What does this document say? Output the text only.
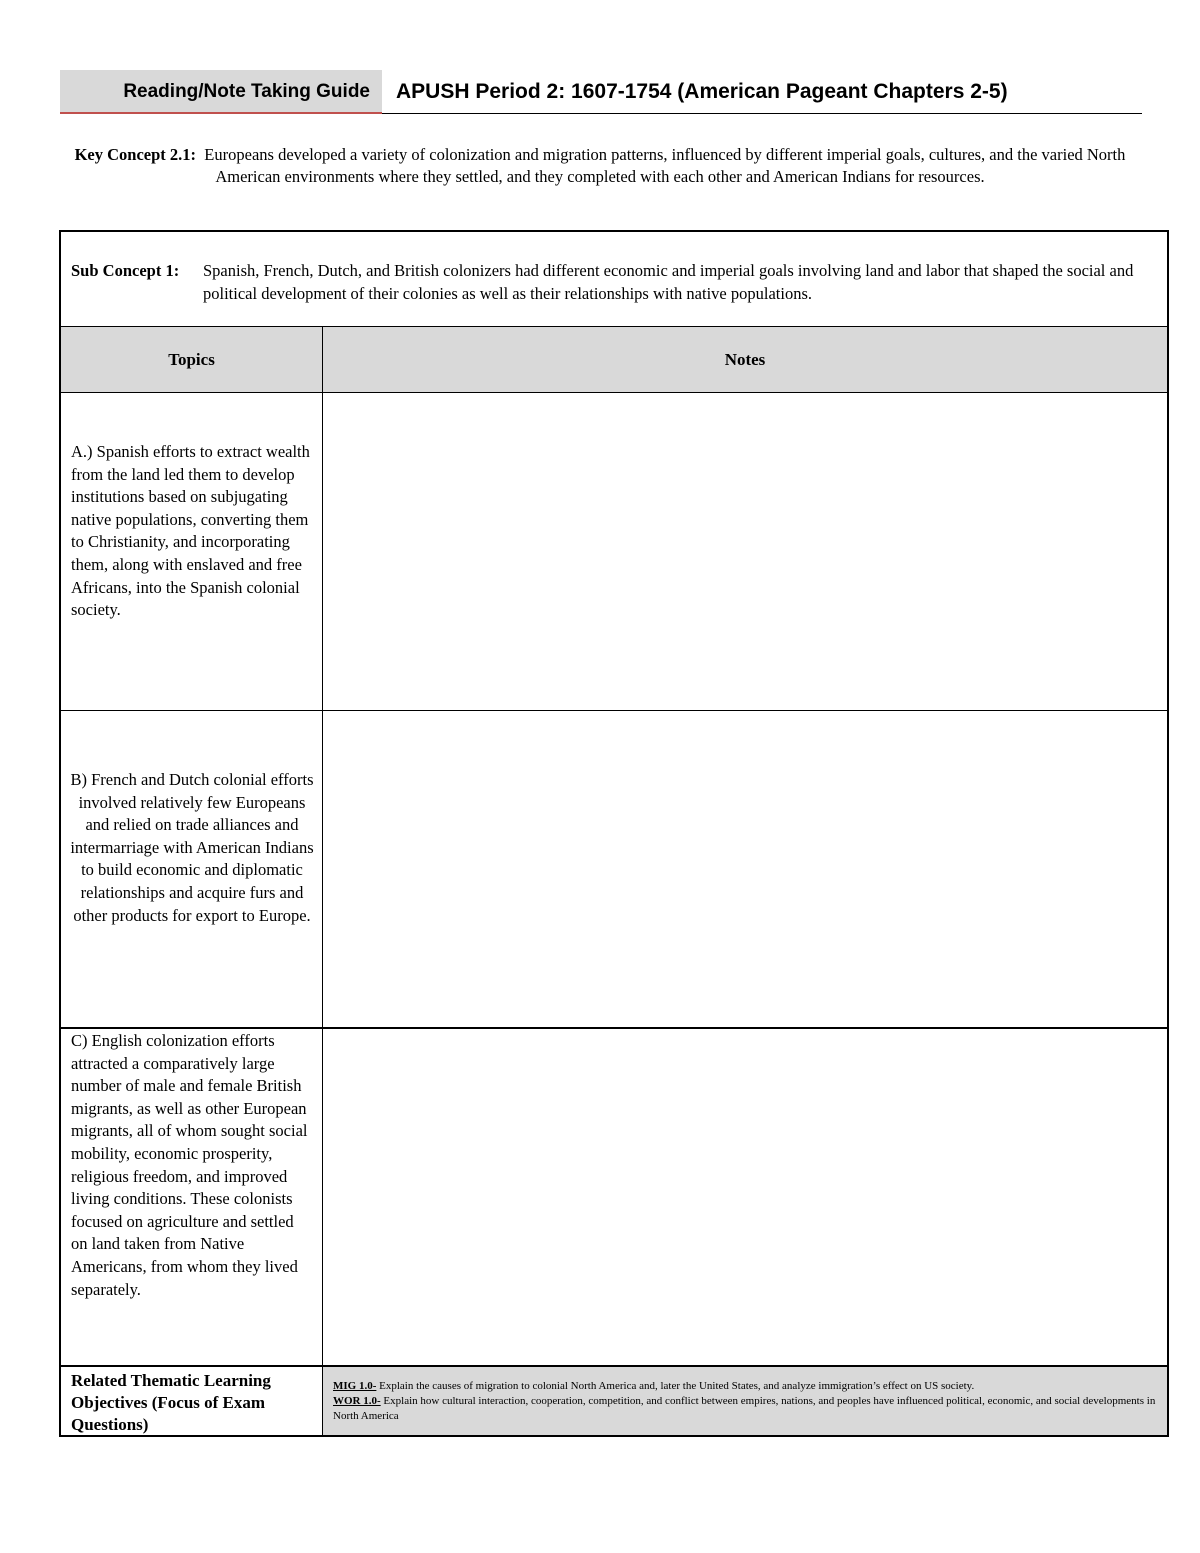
Reading/Note Taking Guide	APUSH Period 2: 1607-1754 (American Pageant Chapters 2-5)
Key Concept 2.1: Europeans developed a variety of colonization and migration patterns, influenced by different imperial goals, cultures, and the varied North American environments where they settled, and they completed with each other and American Indians for resources.
Sub Concept 1: Spanish, French, Dutch, and British colonizers had different economic and imperial goals involving land and labor that shaped the social and political development of their colonies as well as their relationships with native populations.
Topics	Notes
A.) Spanish efforts to extract wealth from the land led them to develop institutions based on subjugating native populations, converting them to Christianity, and incorporating them, along with enslaved and free Africans, into the Spanish colonial society.
B) French and Dutch colonial efforts involved relatively few Europeans and relied on trade alliances and intermarriage with American Indians to build economic and diplomatic relationships and acquire furs and other products for export to Europe.
C) English colonization efforts attracted a comparatively large number of male and female British migrants, as well as other European migrants, all of whom sought social mobility, economic prosperity, religious freedom, and improved living conditions. These colonists focused on agriculture and settled on land taken from Native Americans, from whom they lived separately.
Related Thematic Learning Objectives (Focus of Exam Questions)
MIG 1.0- Explain the causes of migration to colonial North America and, later the United States, and analyze immigration’s effect on US society.
WOR 1.0- Explain how cultural interaction, cooperation, competition, and conflict between empires, nations, and peoples have influenced political, economic, and social developments in North America
